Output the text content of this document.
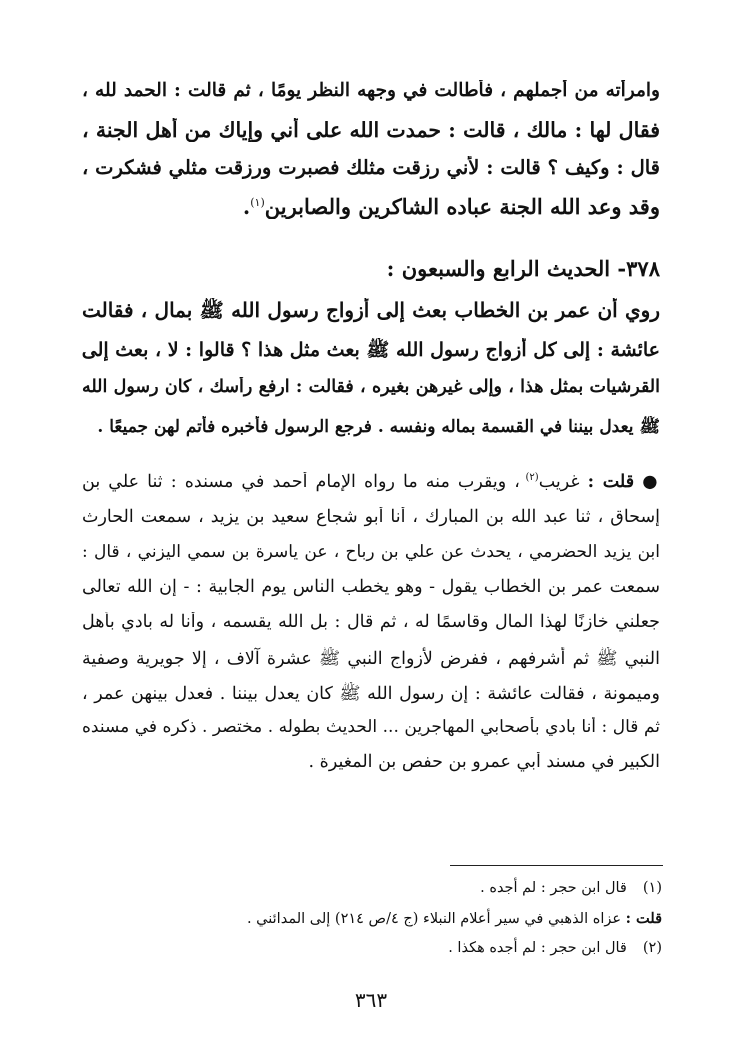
وامرأته من أجملهم ، فأطالت في وجهه النظر يومًا ، ثم قالت : الحمد لله ،
فقال لها : مالك ، قالت : حمدت الله على أني وإياك من أهل الجنة ،
قال : وكيف ؟ قالت : لأني رزقت مثلك فصبرت ورزقت مثلي فشكرت ،
وقد وعد الله الجنة عباده الشاكرين والصابرين$^{(١)}$.
٣٧٨- الحديث الرابع والسبعون :
روي أن عمر بن الخطاب بعث إلى أزواج رسول الله ﷺ بمال ، فقالت
عائشة : إلى كل أزواج رسول الله ﷺ بعث مثل هذا ؟ قالوا : لا ، بعث إلى
القرشيات بمثل هذا ، وإلى غيرهن بغيره ، فقالت : ارفع رأسك ، كان رسول الله
ﷺ يعدل بيننا في القسمة بماله ونفسه . فرجع الرسول فأخبره فأتم لهن جميعًا .
● قلت : غريب$^{(٢)}$ ، ويقرب منه ما رواه الإمام أحمد في مسنده : ثنا علي بن
إسحاق ، ثنا عبد الله بن المبارك ، أنا أبو شجاع سعيد بن يزيد ، سمعت الحارث
ابن يزيد الحضرمي ، يحدث عن علي بن رباح ، عن ياسرة بن سمي اليزني ، قال :
سمعت عمر بن الخطاب يقول - وهو يخطب الناس يوم الجابية : - إن الله تعالى
جعلني خازنًا لهذا المال وقاسمًا له ، ثم قال : بل الله يقسمه ، وأنا له بادي بأهل
النبي ﷺ ثم أشرفهم ، ففرض لأزواج النبي ﷺ عشرة آلاف ، إلا جويرية وصفية
وميمونة ، فقالت عائشة : إن رسول الله ﷺ كان يعدل بيننا . فعدل بينهن عمر ،
ثم قال : أنا بادي بأصحابي المهاجرين ... الحديث بطوله . مختصر . ذكره في مسنده
الكبير في مسند أبي عمرو بن حفص بن المغيرة .
(١)قال ابن حجر : لم أجده .
قلت : عزاه الذهبي في سير أعلام النبلاء (ج ٤/ص ٢١٤) إلى المدائني .
(٢)قال ابن حجر : لم أجده هكذا .
٣٦٣
